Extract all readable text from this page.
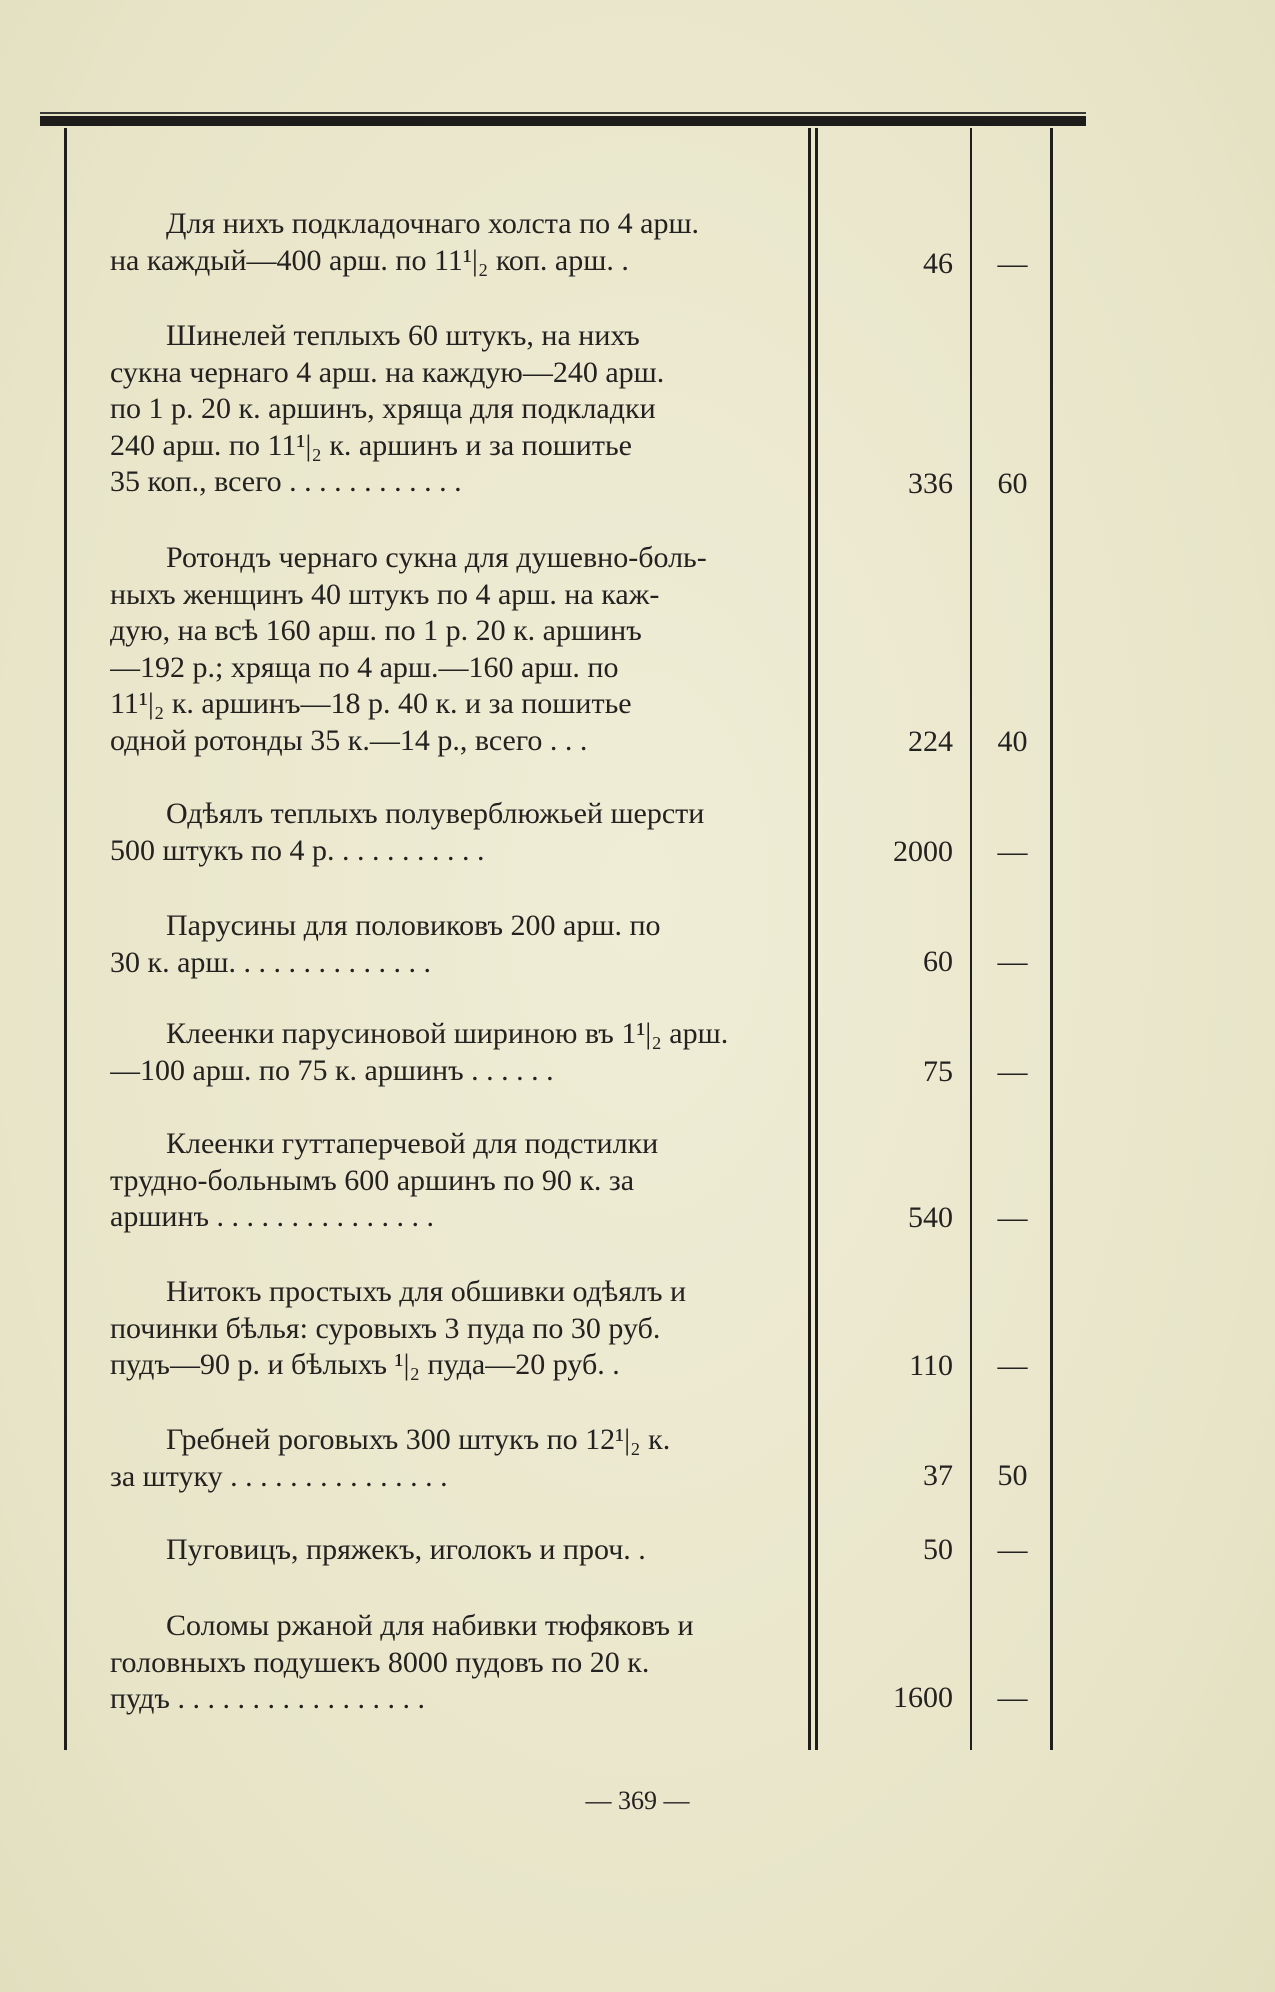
Для нихъ подкладочнаго холста по 4 арш.
на каждый—400 арш. по 11¹|₂ коп. арш. .	46	—
Шинелей теплыхъ 60 штукъ, на нихъ
сукна чернаго 4 арш. на каждую—240 арш.
по 1 р. 20 к. аршинъ, хряща для подкладки
240 арш. по 11¹|₂ к. аршинъ и за пошитье
35 коп., всего . . . . . . . . . . . .	336	60
Ротондъ чернаго сукна для душевно-боль-
ныхъ женщинъ 40 штукъ по 4 арш. на каж-
дую, на всѣ 160 арш. по 1 р. 20 к. аршинъ
—192 р.; хряща по 4 арш.—160 арш. по
11¹|₂ к. аршинъ—18 р. 40 к. и за пошитье
одной ротонды 35 к.—14 р., всего . . .	224	40
Одѣялъ теплыхъ полуверблюжьей шерсти
500 штукъ по 4 р. . . . . . . . . . .	2000	—
Парусины для половиковъ 200 арш. по
30 к. арш. . . . . . . . . . . . . .	60	—
Клеенки парусиновой шириною въ 1¹|₂ арш.
—100 арш. по 75 к. аршинъ . . . . . .	75	—
Клеенки гуттаперчевой для подстилки
трудно-больнымъ 600 аршинъ по 90 к. за
аршинъ . . . . . . . . . . . . . . .	540	—
Нитокъ простыхъ для обшивки одѣялъ и
починки бѣлья: суровыхъ 3 пуда по 30 руб.
пудъ—90 р. и бѣлыхъ ¹|₂ пуда—20 руб. .	110	—
Гребней роговыхъ 300 штукъ по 12¹|₂ к.
за штуку . . . . . . . . . . . . . . .	37	50
Пуговицъ, пряжекъ, иголокъ и проч. .	50	—
Соломы ржаной для набивки тюфяковъ и
головныхъ подушекъ 8000 пудовъ по 20 к.
пудъ . . . . . . . . . . . . . . . . .	1600	—
— 369 —
